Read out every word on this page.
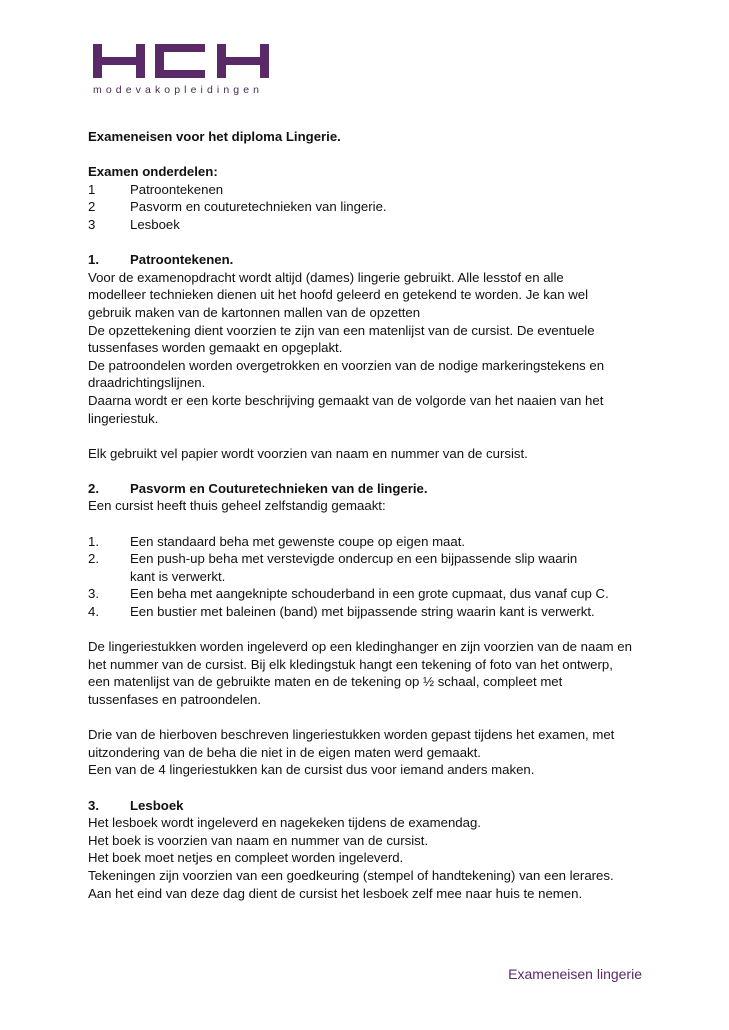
modevakopleidingen

Exameneisen voor het diploma Lingerie.

Examen onderdelen:

1	Patroontekenen
2	Pasvorm en couturetechnieken van lingerie.
3	Lesboek
1.	Patroontekenen.

Voor de examenopdracht wordt altijd (dames) lingerie gebruikt. Alle lesstof en alle

modelleer technieken dienen uit het hoofd geleerd en getekend te worden. Je kan wel

gebruik maken van de kartonnen mallen van de opzetten

De opzettekening dient voorzien te zijn van een matenlijst van de cursist. De eventuele

tussenfases worden gemaakt en opgeplakt.

De patroondelen worden overgetrokken en voorzien van de nodige markeringstekens en

draadrichtingslijnen.

Daarna wordt er een korte beschrijving gemaakt van de volgorde van het naaien van het

lingeriestuk.

Elk gebruikt vel papier wordt voorzien van naam en nummer van de cursist.

2.	Pasvorm en Couturetechnieken van de lingerie.

Een cursist heeft thuis geheel zelfstandig gemaakt:

1.	Een standaard beha met gewenste coupe op eigen maat.
2.	Een push-up beha met verstevigde ondercup en een bijpassende slip waarin
kant is verwerkt.
3.	Een beha met aangeknipte schouderband in een grote cupmaat, dus vanaf cup C.
4.	Een bustier met baleinen (band) met bijpassende string waarin kant is verwerkt.

De lingeriestukken worden ingeleverd op een kledinghanger en zijn voorzien van de naam en

het nummer van de cursist. Bij elk kledingstuk hangt een tekening of foto van het ontwerp,

een matenlijst van de gebruikte maten en de tekening op ½ schaal, compleet met

tussenfases en patroondelen.

Drie van de hierboven beschreven lingeriestukken worden gepast tijdens het examen, met

uitzondering van de beha die niet in de eigen maten werd gemaakt.

Een van de 4 lingeriestukken kan de cursist dus voor iemand anders maken.

3.	Lesboek

Het lesboek wordt ingeleverd en nagekeken tijdens de examendag.

Het boek is voorzien van naam en nummer van de cursist.

Het boek moet netjes en compleet worden ingeleverd.

Tekeningen zijn voorzien van een goedkeuring (stempel of handtekening) van een lerares.

Aan het eind van deze dag dient de cursist het lesboek zelf mee naar huis te nemen.

Exameneisen lingerie
